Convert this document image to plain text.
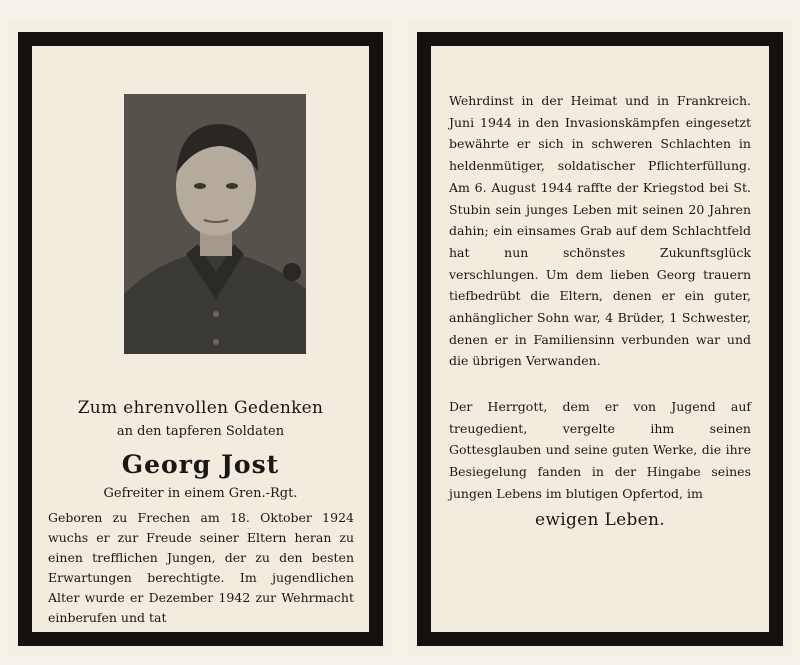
Zum ehrenvollen Gedenken
an den tapferen Soldaten
Georg Jost
Gefreiter in einem Gren.-Rgt.

Geboren zu Frechen am 18. Oktober 1924 wuchs er zur Freude seiner Eltern heran zu einen trefflichen Jungen, der zu den besten Erwartungen berechtigte. Im jugendlichen Alter wurde er Dezember 1942 zur Wehrmacht einberufen und tat

Wehrdinst in der Heimat und in Frankreich. Juni 1944 in den Invasionskämpfen eingesetzt bewährte er sich in schweren Schlachten in heldenmütiger, soldatischer Pflichterfüllung. Am 6. August 1944 raffte der Kriegstod bei St. Stubin sein junges Leben mit seinen 20 Jahren dahin; ein einsames Grab auf dem Schlachtfeld hat nun schönstes Zukunftsglück verschlungen. Um dem lieben Georg trauern tiefbedrübt die Eltern, denen er ein guter, anhänglicher Sohn war, 4 Brüder, 1 Schwester, denen er in Familiensinn verbunden war und die übrigen Verwanden.

Der Herrgott, dem er von Jugend auf treugedient, vergelte ihm seinen Gottesglauben und seine guten Werke, die ihre Besiegelung fanden in der Hingabe seines jungen Lebens im blutigen Opfertod, im

ewigen Leben.
